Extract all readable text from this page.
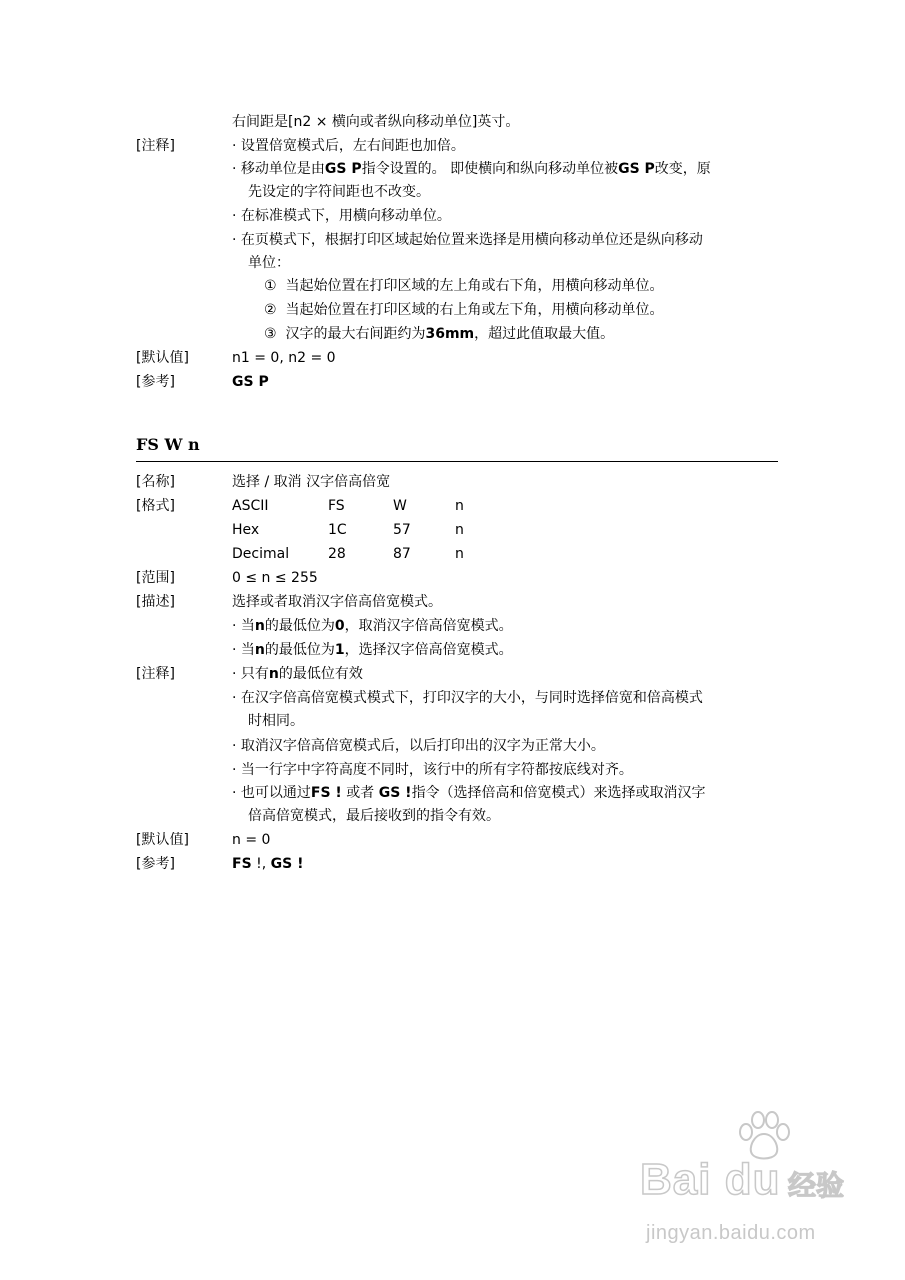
右间距是[n2 × 横向或者纵向移动单位]英寸。
[注释]	· 设置倍宽模式后，左右间距也加倍。
· 移动单位是由GS P指令设置的。 即使横向和纵向移动单位被GS P改变，原
先设定的字符间距也不改变。
· 在标准模式下，用横向移动单位。
· 在页模式下，根据打印区域起始位置来选择是用横向移动单位还是纵向移动
单位：
① 当起始位置在打印区域的左上角或右下角，用横向移动单位。
② 当起始位置在打印区域的右上角或左下角，用横向移动单位。
③ 汉字的最大右间距约为36mm，超过此值取最大值。
[默认值]	n1 = 0, n2 = 0
[参考]	GS P
FS W n
[名称]	选择 / 取消 汉字倍高倍宽
[格式]	ASCII	FS	W	n
Hex	1C	57	n
Decimal	28	87	n
[范围]	0 ≤ n ≤ 255
[描述]	选择或者取消汉字倍高倍宽模式。
· 当n的最低位为0，取消汉字倍高倍宽模式。
· 当n的最低位为1，选择汉字倍高倍宽模式。
[注释]	· 只有n的最低位有效
· 在汉字倍高倍宽模式模式下，打印汉字的大小，与同时选择倍宽和倍高模式
时相同。
· 取消汉字倍高倍宽模式后，以后打印出的汉字为正常大小。
· 当一行字中字符高度不同时，该行中的所有字符都按底线对齐。
· 也可以通过FS ! 或者 GS !指令（选择倍高和倍宽模式）来选择或取消汉字
倍高倍宽模式，最后接收到的指令有效。
[默认值]	n = 0
[参考]	FS !, GS !
Bai du 经验
jingyan.baidu.com
